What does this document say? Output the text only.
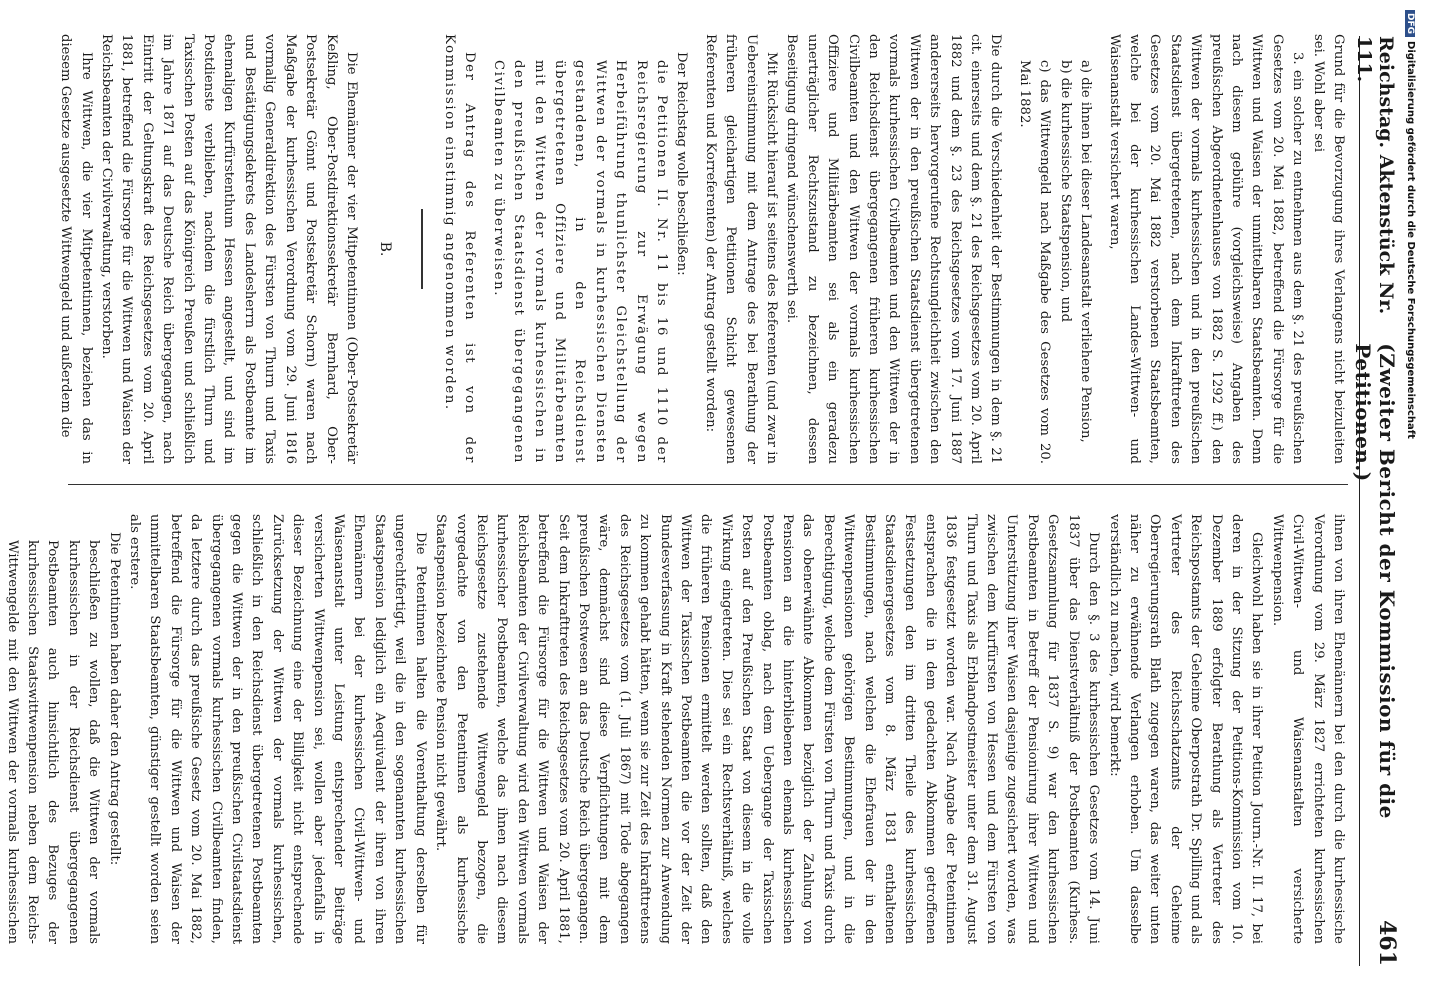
Reichstag. Aktenstück Nr. 111.
(Zweiter Bericht der Kommission für die Petitionen.)
461

Grund für die Bevorzugung ihres Verlangens nicht beizuleiten sei. Wohl aber sei

3. ein solcher zu entnehmen aus dem §. 21 des preußischen Gesetzes vom 20. Mai 1882, betreffend die Fürsorge für die Wittwen und Waisen der unmittelbaren Staatsbeamten. Denn nach diesem gebühre (vorgleichsweise) Angaben des preußischen Abgeordnetenhauses von 1882 S. 1292 ff.) den Wittwen der vormals kurhessischen und in den preußischen Staatsdienst übergetretenen, nach dem Inkrafttreten des Gesetzes vom 20. Mai 1882 verstorbenen Staatsbeamten, welche bei der kurhessischen Landes-Wittwen- und Waisenanstalt versichert waren,

a) die ihnen bei dieser Landesanstalt verliehene Pension,

b) die kurhessische Staatspension, und

c) das Wittwengeld nach Maßgabe des Gesetzes vom 20. Mai 1882.

Die durch die Verschiedenheit der Bestimmungen in dem §. 21 cit. einerseits und dem §. 21 des Reichsgesetzes vom 20. April 1882 und dem §. 23 des Reichsgesetzes vom 17. Juni 1887 andererseits hervorgerufene Rechtsungleichheit zwischen den Wittwen der in den preußischen Staatsdienst übergetretenen vormals kurhessischen Civilbeamten und den Wittwen der in den Reichsdienst übergegangenen früheren kurhessischen Civilbeamten und den Wittwen der vormals kurhessischen Offiziere und Militärbeamten sei als ein geradezu unerträglicher Rechtszustand zu bezeichnen, dessen Beseitigung dringend wünschenswerth sei.

Mit Rücksicht hierauf ist seitens des Referenten (und zwar in Uebereinstimmung mit dem Antrage des bei Berathung der früheren gleichartigen Petitionen Schicht gewesenen Referenten und Korreferenten) der Antrag gestellt worden:

Der Reichstag wolle beschließen:

die Petitionen II. Nr. 11 bis 16 und 1110 der Reichsregierung zur Erwägung wegen Herbeiführung thunlichster Gleichstellung der Wittwen der vormals in kurhessischen Diensten gestandenen, in den Reichsdienst übergetretenen Offiziere und Militärbeamten mit den Wittwen der vormals kurhessischen in den preußischen Staatsdienst übergegangenen Civilbeamten zu überweisen.

Der Antrag des Referenten ist von der Kommission einstimmig angenommen worden.

B.

Die Ehemänner der vier Mitpetentinnen (Ober-Postsekretär Keßling, Ober-Postdirektionssekretär Bernhard, Ober-Postsekretär Gönnt und Postsekretär Schorn) waren nach Maßgabe der kurhessischen Verordnung vom 29. Juni 1816 vormalig Generaldirektion des Fürsten von Thurn und Taxis und Bestätigungsdekrets des Landesherrn als Postbeamte im ehemaligen Kurfürstenthum Hessen angestellt, und sind im Postdienste verblieben, nachdem die fürstlich Thurn und Taxisschen Posten auf das Königreich Preußen und schließlich im Jahre 1871 auf das Deutsche Reich übergegangen, nach Eintritt der Geltungskraft des Reichsgesetzes vom 20. April 1881, betreffend die Fürsorge für die Wittwen und Waisen der Reichsbeamten der Civilverwaltung, verstorben.

Ihre Wittwen, die vier Mitpetentinnen, beziehen das in diesem Gesetze ausgesetzte Wittwengeld und außerdem die

ihnen von ihren Ehemännern bei den durch die kurhessische Verordnung vom 29. März 1827 errichteten kurhessischen Civil-Wittwen- und Waisenanstalten versicherte Wittwenpension.

Gleichwohl haben sie in ihrer Petition Journ.-Nr. II. 17, bei deren in der Sitzung der Petitions-Kommission vom 10. Dezember 1889 erfolgter Berathung als Vertreter des Reichspostamts der Geheime Oberpostrath Dr. Spilling und als Vertreter des Reichsschatzamts der Geheime Oberregierungsrath Blath zugegen waren, das weiter unten näher zu erwähnende Verlangen erhoben. Um dasselbe verständlich zu machen, wird bemerkt:

Durch den §. 3 des kurhessischen Gesetzes vom 14. Juni 1837 über das Dienstverhältniß der Postbeamten (Kurhess. Gesetzsammlung für 1837 S. 9) war den kurhessischen Postbeamten in Betreff der Pensionirung ihrer Wittwen und Unterstützung ihrer Waisen dasjenige zugesichert worden, was zwischen dem Kurfürsten von Hessen und dem Fürsten von Thurn und Taxis als Erblandpostmeister unter dem 31. August 1836 festgesetzt worden war. Nach Angabe der Petentinnen entsprachen die in dem gedachten Abkommen getroffenen Festsetzungen den im dritten Theile des kurhessischen Staatsdienergesetzes vom 8. März 1831 enthaltenen Bestimmungen, nach welchen die Ehefrauen der in den Wittwenpensionen gehörigen Bestimmungen, und in die Berechtigung, welche dem Fürsten von Thurn und Taxis durch das obenerwähnte Abkommen bezüglich der Zahlung von Pensionen an die hinterbliebenen ehemals kurhessischen Postbeamten oblag, nach dem Uebergange der Taxisschen Posten auf den Preußischen Staat von diesem in die volle Wirkung eingetreten. Dies sei ein Rechtsverhältniß, welches die früheren Pensionen ermittelt werden sollten, daß den Wittwen der Taxisschen Postbeamten die vor der Zeit der Bundesverfassung in Kraft stehenden Normen zur Anwendung zu kommen gehabt hätten, wenn sie zur Zeit des Inkrafttretens des Reichsgesetzes vom (1. Juli 1867) mit Tode abgegangen wäre, demnächst sind diese Verpflichtungen mit dem preußischen Postwesen an das Deutsche Reich übergegangen. Seit dem Inkrafttreten des Reichsgesetzes vom 20. April 1881, betreffend die Fürsorge für die Wittwen und Waisen der Reichsbeamten der Civilverwaltung wird den Wittwen vormals kurhessischer Postbeamten, welche das ihnen nach diesem Reichsgesetze zustehende Wittwengeld bezogen, die vorgedachte von den Petentinnen als kurhessische Staatspension bezeichnete Pension nicht gewährt.

Die Petentinnen halten die Vorenthaltung derselben für ungerechtfertigt, weil die in den sogenannten kurhessischen Staatspension lediglich ein Aequivalent der ihren von ihren Ehemännern bei der kurhessischen Civil-Wittwen- und Waisenanstalt unter Leistung entsprechender Beiträge versicherten Wittwenpension sei, wollen aber jedenfalls in dieser Bezeichnung eine der Billigkeit nicht entsprechende Zurücksetzung der Wittwen der vormals kurhessischen, schließlich in den Reichsdienst übergetretenen Postbeamten gegen die Wittwen der in den preußischen Civilstaatsdienst übergegangenen vormals kurhessischen Civilbeamten finden, da letztere durch das preußische Gesetz vom 20. Mai 1882, betreffend die Fürsorge für die Wittwen und Waisen der unmittelbaren Staatsbeamten, günstiger gestellt worden seien als erstere.

Die Petentinnen haben daher den Antrag gestellt:

beschließen zu wollen, daß die Wittwen der vormals kurhessischen in der Reichsdienst übergegangenen Postbeamten auch hinsichtlich des Bezuges der kurhessischen Staatswittwenpension neben dem Reichs-Wittwengelde mit den Wittwen der vormals kurhessischen

DFGDigitalisierung gefördert durch die Deutsche Forschungsgemeinschaft
